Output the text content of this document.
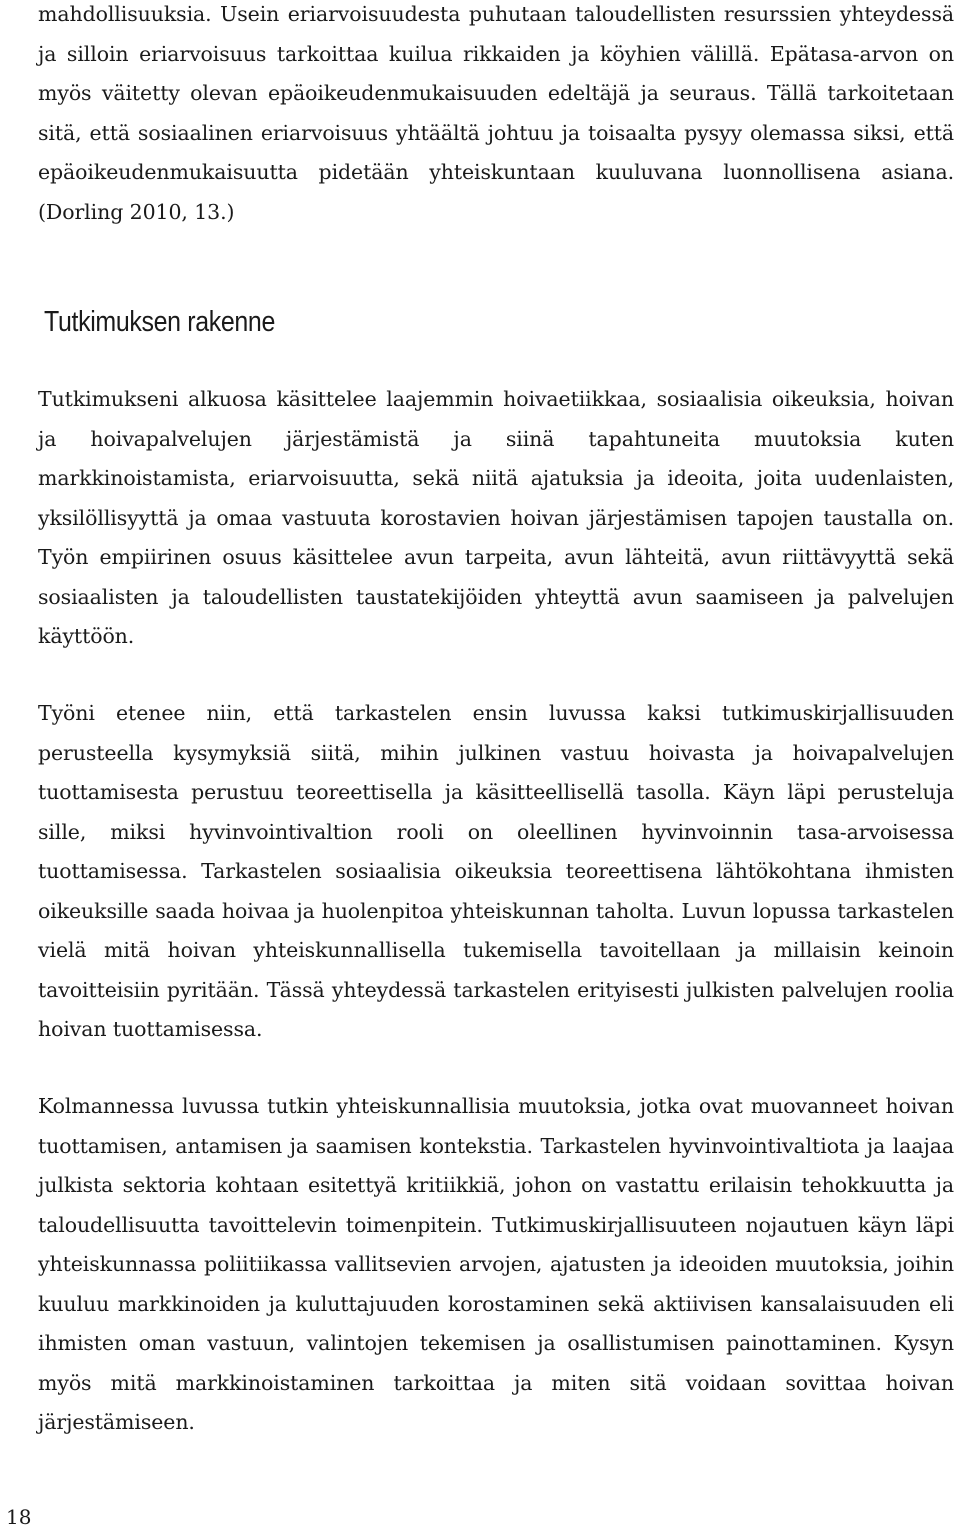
mahdollisuuksia. Usein eriarvoisuudesta puhutaan taloudellisten resurssien yhteydessä ja silloin eriarvoisuus tarkoittaa kuilua rikkaiden ja köyhien välillä. Epätasa-arvon on myös väitetty olevan epäoikeudenmukaisuuden edeltäjä ja seuraus. Tällä tarkoitetaan sitä, että sosiaalinen eriarvoisuus yhtäältä johtuu ja toisaalta pysyy olemassa siksi, että epäoikeudenmukaisuutta pidetään yhteiskuntaan kuuluvana luonnollisena asiana. (Dorling 2010, 13.)

Tutkimuksen rakenne

Tutkimukseni alkuosa käsittelee laajemmin hoivaetiikkaa, sosiaalisia oikeuksia, hoivan ja hoivapalvelujen järjestämistä ja siinä tapahtuneita muutoksia kuten markkinoistamista, eriarvoisuutta, sekä niitä ajatuksia ja ideoita, joita uudenlaisten, yksilöllisyyttä ja omaa vastuuta korostavien hoivan järjestämisen tapojen taustalla on. Työn empiirinen osuus käsittelee avun tarpeita, avun lähteitä, avun riittävyyttä sekä sosiaalisten ja taloudellisten taustatekijöiden yhteyttä avun saamiseen ja palvelujen käyttöön.

Työni etenee niin, että tarkastelen ensin luvussa kaksi tutkimuskirjallisuuden perusteella kysymyksiä siitä, mihin julkinen vastuu hoivasta ja hoivapalvelujen tuottamisesta perustuu teoreettisella ja käsitteellisellä tasolla. Käyn läpi perusteluja sille, miksi hyvinvointivaltion rooli on oleellinen hyvinvoinnin tasa-arvoisessa tuottamisessa. Tarkastelen sosiaalisia oikeuksia teoreettisena lähtökohtana ihmisten oikeuksille saada hoivaa ja huolenpitoa yhteiskunnan taholta. Luvun lopussa tarkastelen vielä mitä hoivan yhteiskunnallisella tukemisella tavoitellaan ja millaisin keinoin tavoitteisiin pyritään. Tässä yhteydessä tarkastelen erityisesti julkisten palvelujen roolia hoivan tuottamisessa.

Kolmannessa luvussa tutkin yhteiskunnallisia muutoksia, jotka ovat muovanneet hoivan tuottamisen, antamisen ja saamisen kontekstia. Tarkastelen hyvinvointivaltiota ja laajaa julkista sektoria kohtaan esitettyä kritiikkiä, johon on vastattu erilaisin tehokkuutta ja taloudellisuutta tavoittelevin toimenpitein. Tutkimuskirjallisuuteen nojautuen käyn läpi yhteiskunnassa poliitiikassa vallitsevien arvojen, ajatusten ja ideoiden muutoksia, joihin kuuluu markkinoiden ja kuluttajuuden korostaminen sekä aktiivisen kansalaisuuden eli ihmisten oman vastuun, valintojen tekemisen ja osallistumisen painottaminen. Kysyn myös mitä markkinoistaminen tarkoittaa ja miten sitä voidaan sovittaa hoivan järjestämiseen.

18
